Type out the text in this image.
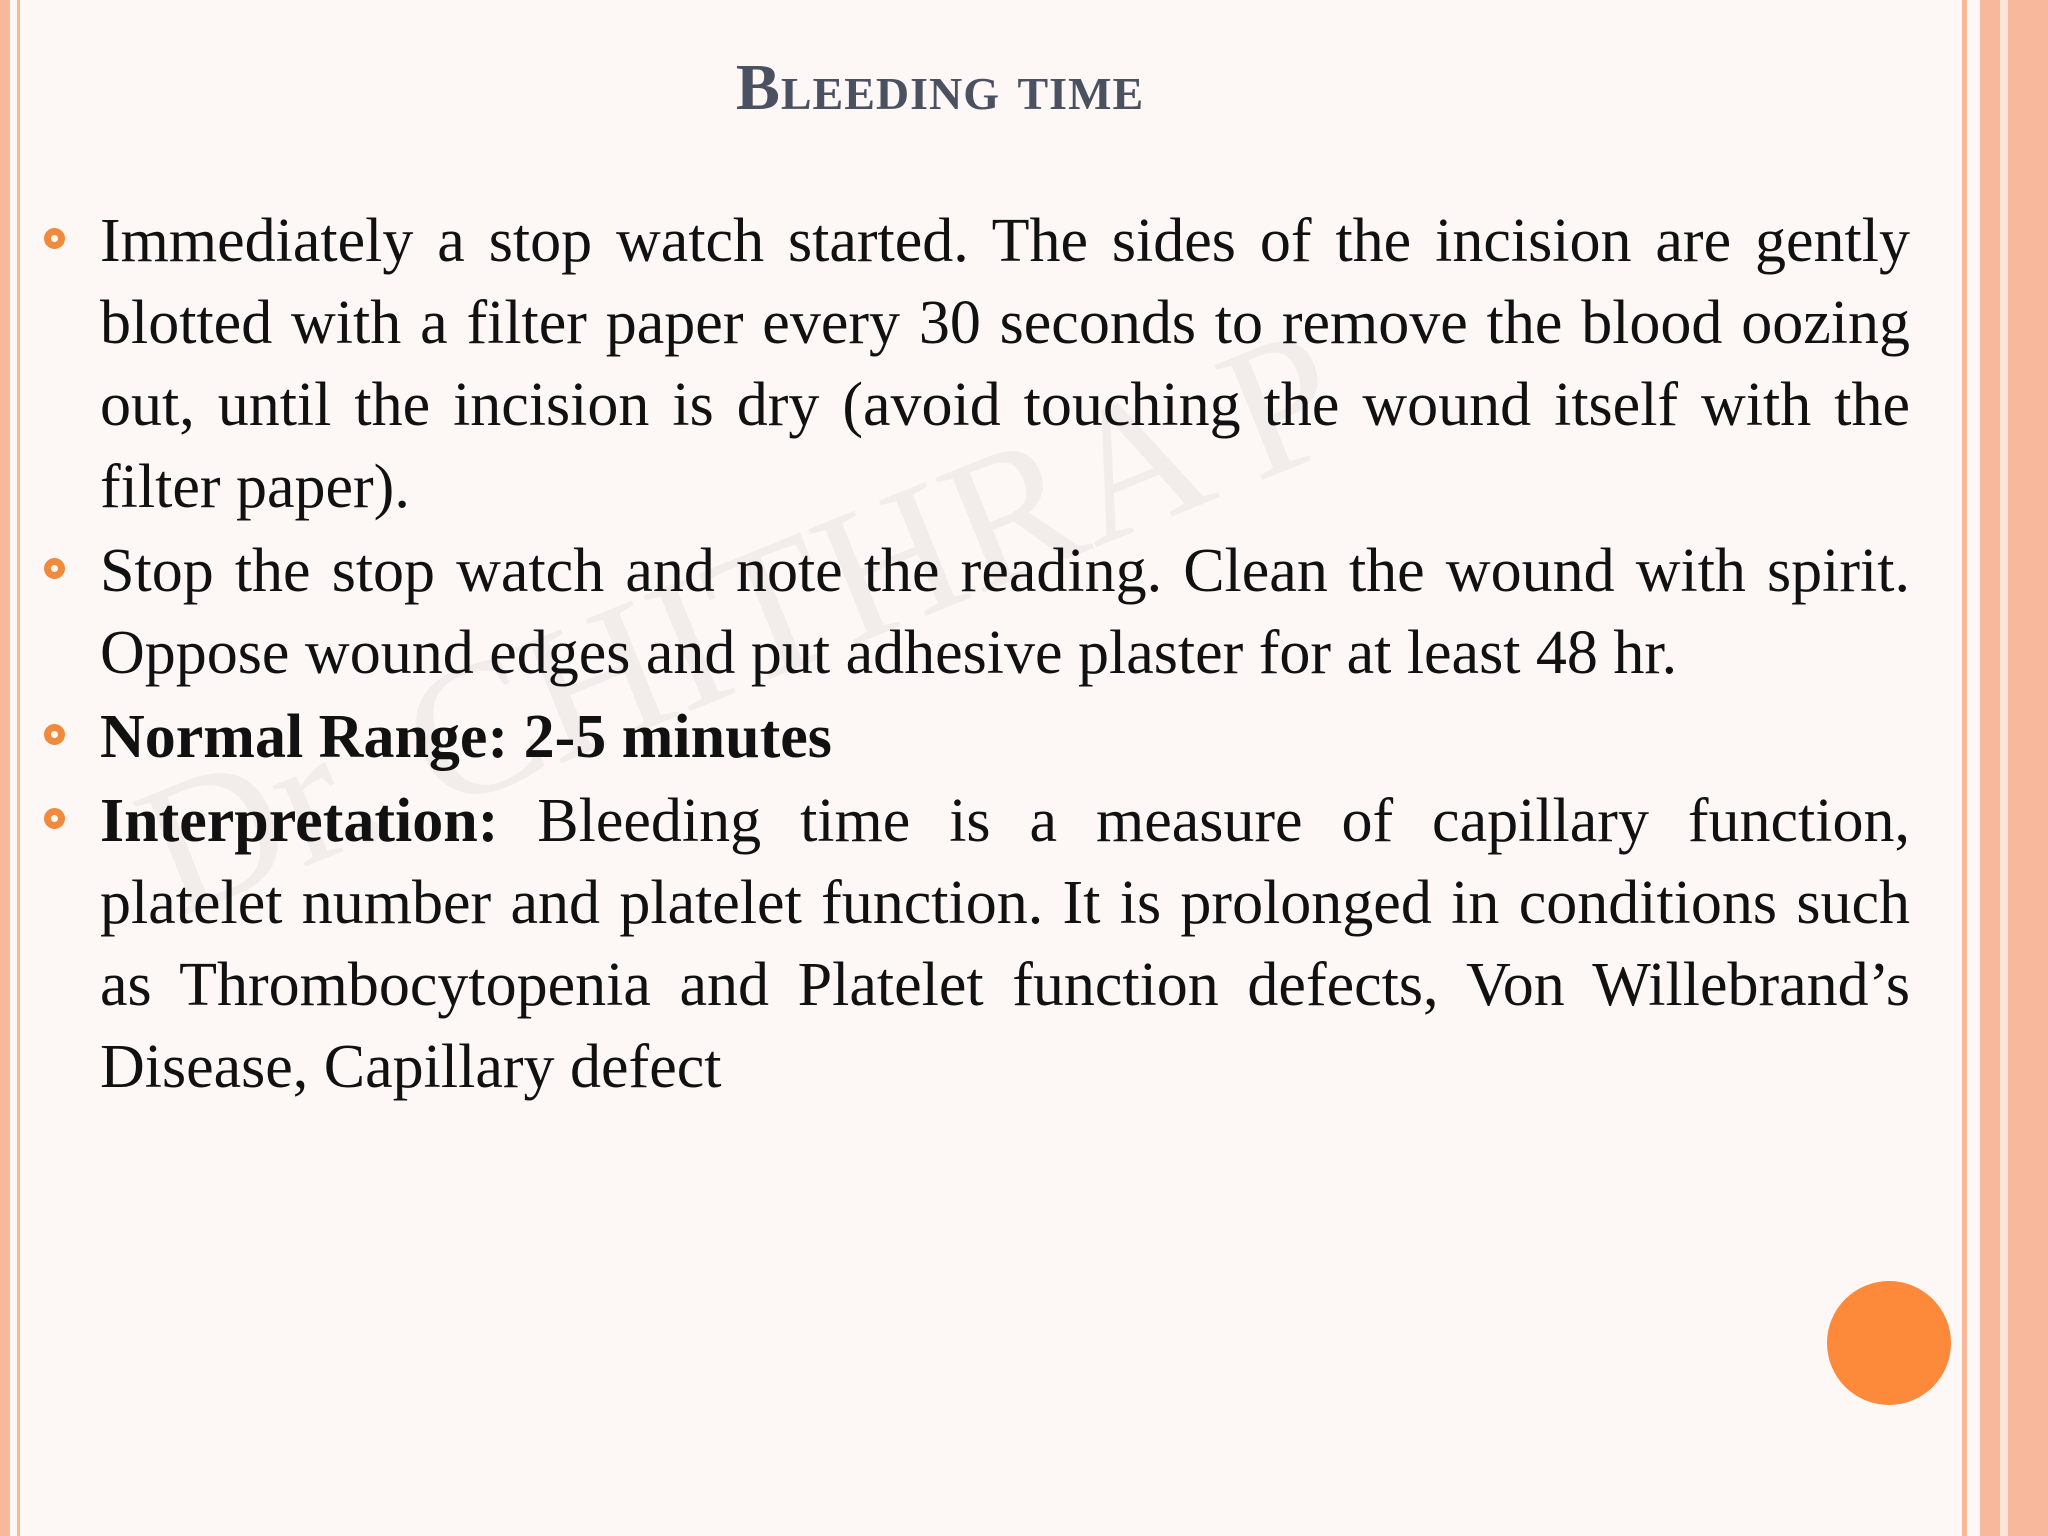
Bleeding time
Immediately a stop watch started. The sides of the incision are gently blotted with a filter paper every 30 seconds to remove the blood oozing out, until the incision is dry (avoid touching the wound itself with the filter paper).
Stop the stop watch and note the reading. Clean the wound with spirit. Oppose wound edges and put adhesive plaster for at least 48 hr.
Normal Range: 2-5 minutes
Interpretation: Bleeding time is a measure of capillary function, platelet number and platelet function. It is prolonged in conditions such as Thrombocytopenia and Platelet function defects, Von Willebrand’s Disease, Capillary defect
